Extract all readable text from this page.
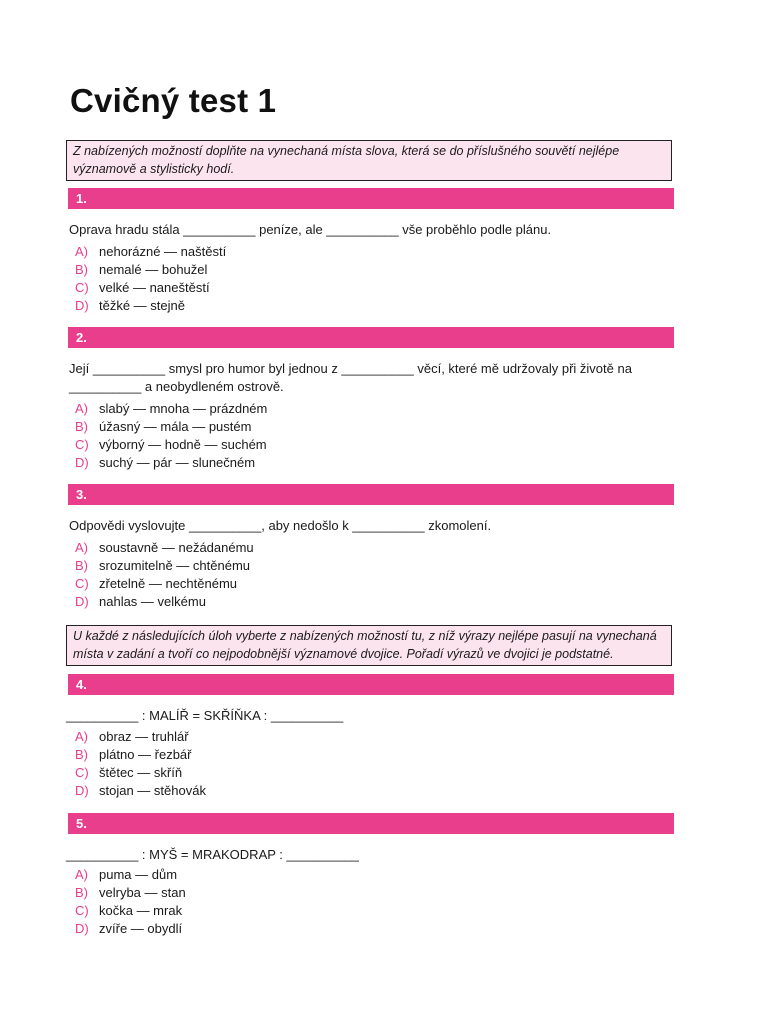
Cvičný test 1
Z nabízených možností doplňte na vynechaná místa slova, která se do příslušného souvětí nejlépe významově a stylisticky hodí.
1.
Oprava hradu stála __________ peníze, ale __________ vše proběhlo podle plánu.
A) nehorázné — naštěstí
B) nemalé — bohužel
C) velké — naneštěstí
D) těžké — stejně
2.
Její __________ smysl pro humor byl jednou z __________ věcí, které mě udržovaly při životě na __________ a neobydleném ostrově.
A) slabý — mnoha — prázdném
B) úžasný — mála — pustém
C) výborný — hodně — suchém
D) suchý — pár — slunečném
3.
Odpovědi vyslovujte __________, aby nedošlo k __________ zkomolení.
A) soustavně — nežádanému
B) srozumitelně — chtěnému
C) zřetelně — nechtěnému
D) nahlas — velkému
U každé z následujících úloh vyberte z nabízených možností tu, z níž výrazy nejlépe pasují na vynechaná místa v zadání a tvoří co nejpodobnější významové dvojice. Pořadí výrazů ve dvojici je podstatné.
4.
__________ : MALÍŘ = SKŘÍŇKA : __________
A) obraz — truhlář
B) plátno — řezbář
C) štětec — skříň
D) stojan — stěhovák
5.
__________ : MYŠ = MRAKODRAP : __________
A) puma — dům
B) velryba — stan
C) kočka — mrak
D) zvíře — obydlí
